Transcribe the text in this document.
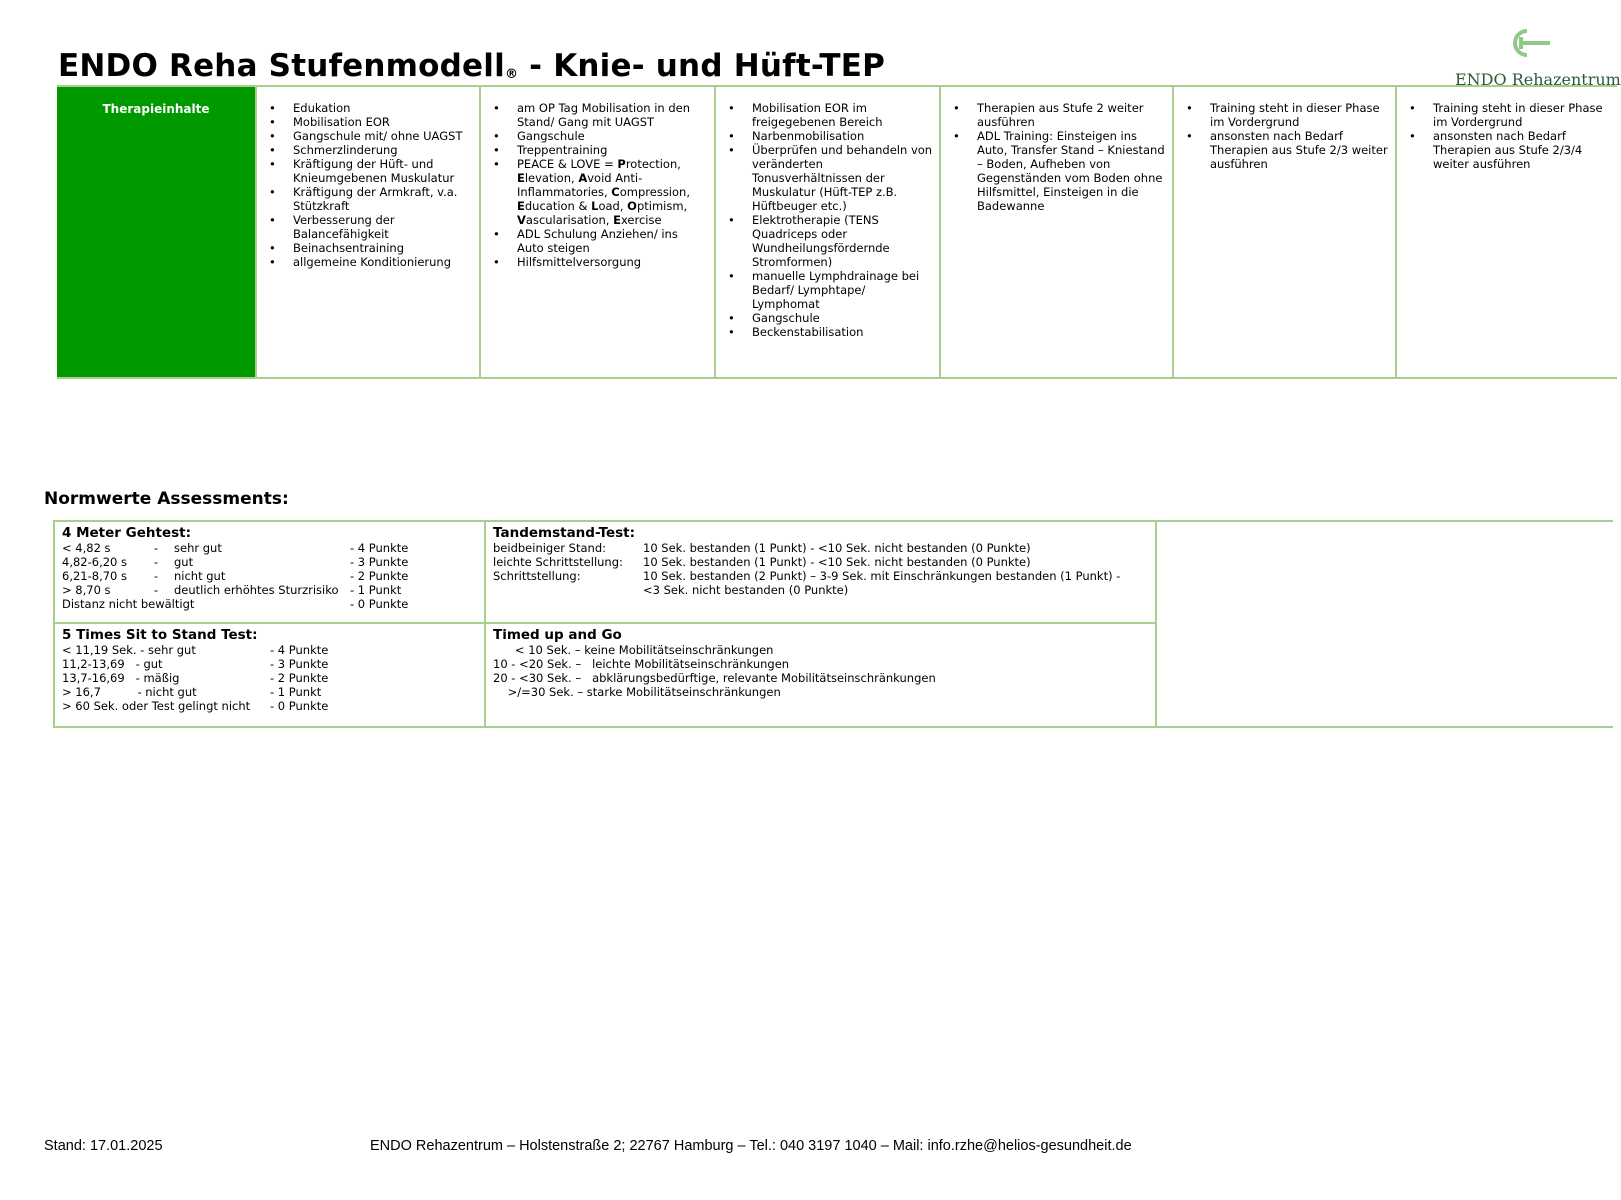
ENDO Reha Stufenmodell® - Knie- und Hüft-TEP	ENDO Rehazentrum
Therapieinhalte
•	Edukation
• Mobilisation EOR
• Gangschule mit/ ohne UAGST
• Schmerzlinderung
• Kräftigung der Hüft- und Knieumgebenen Muskulatur
• Kräftigung der Armkraft, v.a. Stützkraft
• Verbesserung der Balancefähigkeit
• Beinachsentraining
• allgemeine Konditionierung
• am OP Tag Mobilisation in den Stand/ Gang mit UAGST
• Gangschule
• Treppentraining
• PEACE & LOVE = Protection, Elevation, Avoid Anti-Inflammatories, Compression, Education & Load, Optimism, Vascularisation, Exercise
• ADL Schulung Anziehen/ ins Auto steigen
• Hilfsmittelversorgung
• Mobilisation EOR im freigegebenen Bereich
• Narbenmobilisation
• Überprüfen und behandeln von veränderten Tonusverhältnissen der Muskulatur (Hüft-TEP z.B. Hüftbeuger etc.)
• Elektrotherapie (TENS Quadriceps oder Wundheilungsfördernde Stromformen)
• manuelle Lymphdrainage bei Bedarf/ Lymphtape/ Lymphomat
• Gangschule
• Beckenstabilisation
• Therapien aus Stufe 2 weiter ausführen
• ADL Training: Einsteigen ins Auto, Transfer Stand – Kniestand – Boden, Aufheben von Gegenständen vom Boden ohne Hilfsmittel, Einsteigen in die Badewanne
• Training steht in dieser Phase im Vordergrund
• ansonsten nach Bedarf Therapien aus Stufe 2/3 weiter ausführen
• Training steht in dieser Phase im Vordergrund
• ansonsten nach Bedarf Therapien aus Stufe 2/3/4 weiter ausführen
Normwerte Assessments:
4 Meter Gehtest:
< 4,82 s	- sehr gut	- 4 Punkte
4,82-6,20 s - gut	- 3 Punkte
6,21-8,70 s - nicht gut	- 2 Punkte
> 8,70 s	- deutlich erhöhtes Sturzrisiko - 1 Punkt
Distanz nicht bewältigt	- 0 Punkte
Tandemstand-Test:
beidbeiniger Stand:	10 Sek. bestanden (1 Punkt) - <10 Sek. nicht bestanden (0 Punkte)
leichte Schrittstellung: 10 Sek. bestanden (1 Punkt) - <10 Sek. nicht bestanden (0 Punkte)
Schrittstellung:	10 Sek. bestanden (2 Punkt) – 3-9 Sek. mit Einschränkungen bestanden (1 Punkt) -
<3 Sek. nicht bestanden (0 Punkte)
5 Times Sit to Stand Test:
< 11,19 Sek. - sehr gut	- 4 Punkte
11,2-13,69   - gut	- 3 Punkte
13,7-16,69   - mäßig	- 2 Punkte
> 16,7          - nicht gut	- 1 Punkt
> 60 Sek. oder Test gelingt nicht - 0 Punkte
Timed up and Go
< 10 Sek. – keine Mobilitätseinschränkungen
10 - <20 Sek. –   leichte Mobilitätseinschränkungen
20 - <30 Sek. –   abklärungsbedürftige, relevante Mobilitätseinschränkungen
>/=30 Sek. – starke Mobilitätseinschränkungen
Stand: 17.01.2025	ENDO Rehazentrum – Holstenstraße 2; 22767 Hamburg – Tel.: 040 3197 1040 – Mail: info.rzhe@helios-gesundheit.de
